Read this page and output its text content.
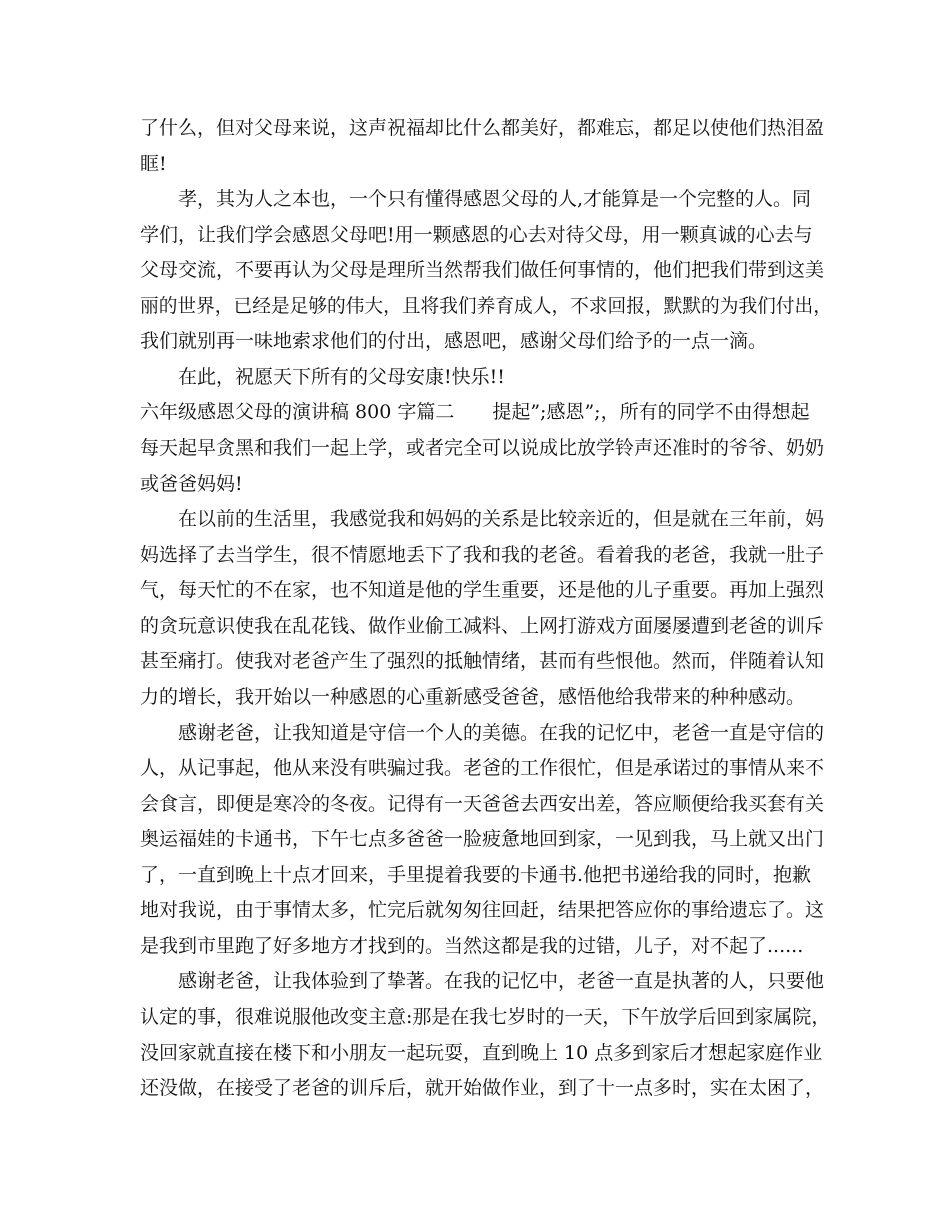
了什么，但对父母来说，这声祝福却比什么都美好，都难忘，都足以使他们热泪盈
眶!
孝，其为人之本也，一个只有懂得感恩父母的人,才能算是一个完整的人。同
学们，让我们学会感恩父母吧!用一颗感恩的心去对待父母，用一颗真诚的心去与
父母交流，不要再认为父母是理所当然帮我们做任何事情的，他们把我们带到这美
丽的世界，已经是足够的伟大，且将我们养育成人，不求回报，默默的为我们付出，
我们就别再一味地索求他们的付出，感恩吧，感谢父母们给予的一点一滴。
在此，祝愿天下所有的父母安康!快乐!!
六年级感恩父母的演讲稿 800 字篇二　　提起”;感恩”;，所有的同学不由得想起
每天起早贪黑和我们一起上学，或者完全可以说成比放学铃声还准时的爷爷、奶奶
或爸爸妈妈!
在以前的生活里，我感觉我和妈妈的关系是比较亲近的，但是就在三年前，妈
妈选择了去当学生，很不情愿地丢下了我和我的老爸。看着我的老爸，我就一肚子
气，每天忙的不在家，也不知道是他的学生重要，还是他的儿子重要。再加上强烈
的贪玩意识使我在乱花钱、做作业偷工减料、上网打游戏方面屡屡遭到老爸的训斥
甚至痛打。使我对老爸产生了强烈的抵触情绪，甚而有些恨他。然而，伴随着认知
力的增长，我开始以一种感恩的心重新感受爸爸，感悟他给我带来的种种感动。
感谢老爸，让我知道是守信一个人的美德。在我的记忆中，老爸一直是守信的
人，从记事起，他从来没有哄骗过我。老爸的工作很忙，但是承诺过的事情从来不
会食言，即便是寒冷的冬夜。记得有一天爸爸去西安出差，答应顺便给我买套有关
奥运福娃的卡通书，下午七点多爸爸一脸疲惫地回到家，一见到我，马上就又出门
了，一直到晚上十点才回来，手里提着我要的卡通书.他把书递给我的同时，抱歉
地对我说，由于事情太多，忙完后就匆匆往回赶，结果把答应你的事给遗忘了。这
是我到市里跑了好多地方才找到的。当然这都是我的过错，儿子，对不起了......
感谢老爸，让我体验到了挚著。在我的记忆中，老爸一直是执著的人，只要他
认定的事，很难说服他改变主意:那是在我七岁时的一天，下午放学后回到家属院，
没回家就直接在楼下和小朋友一起玩耍，直到晚上 10 点多到家后才想起家庭作业
还没做，在接受了老爸的训斥后，就开始做作业，到了十一点多时，实在太困了，
